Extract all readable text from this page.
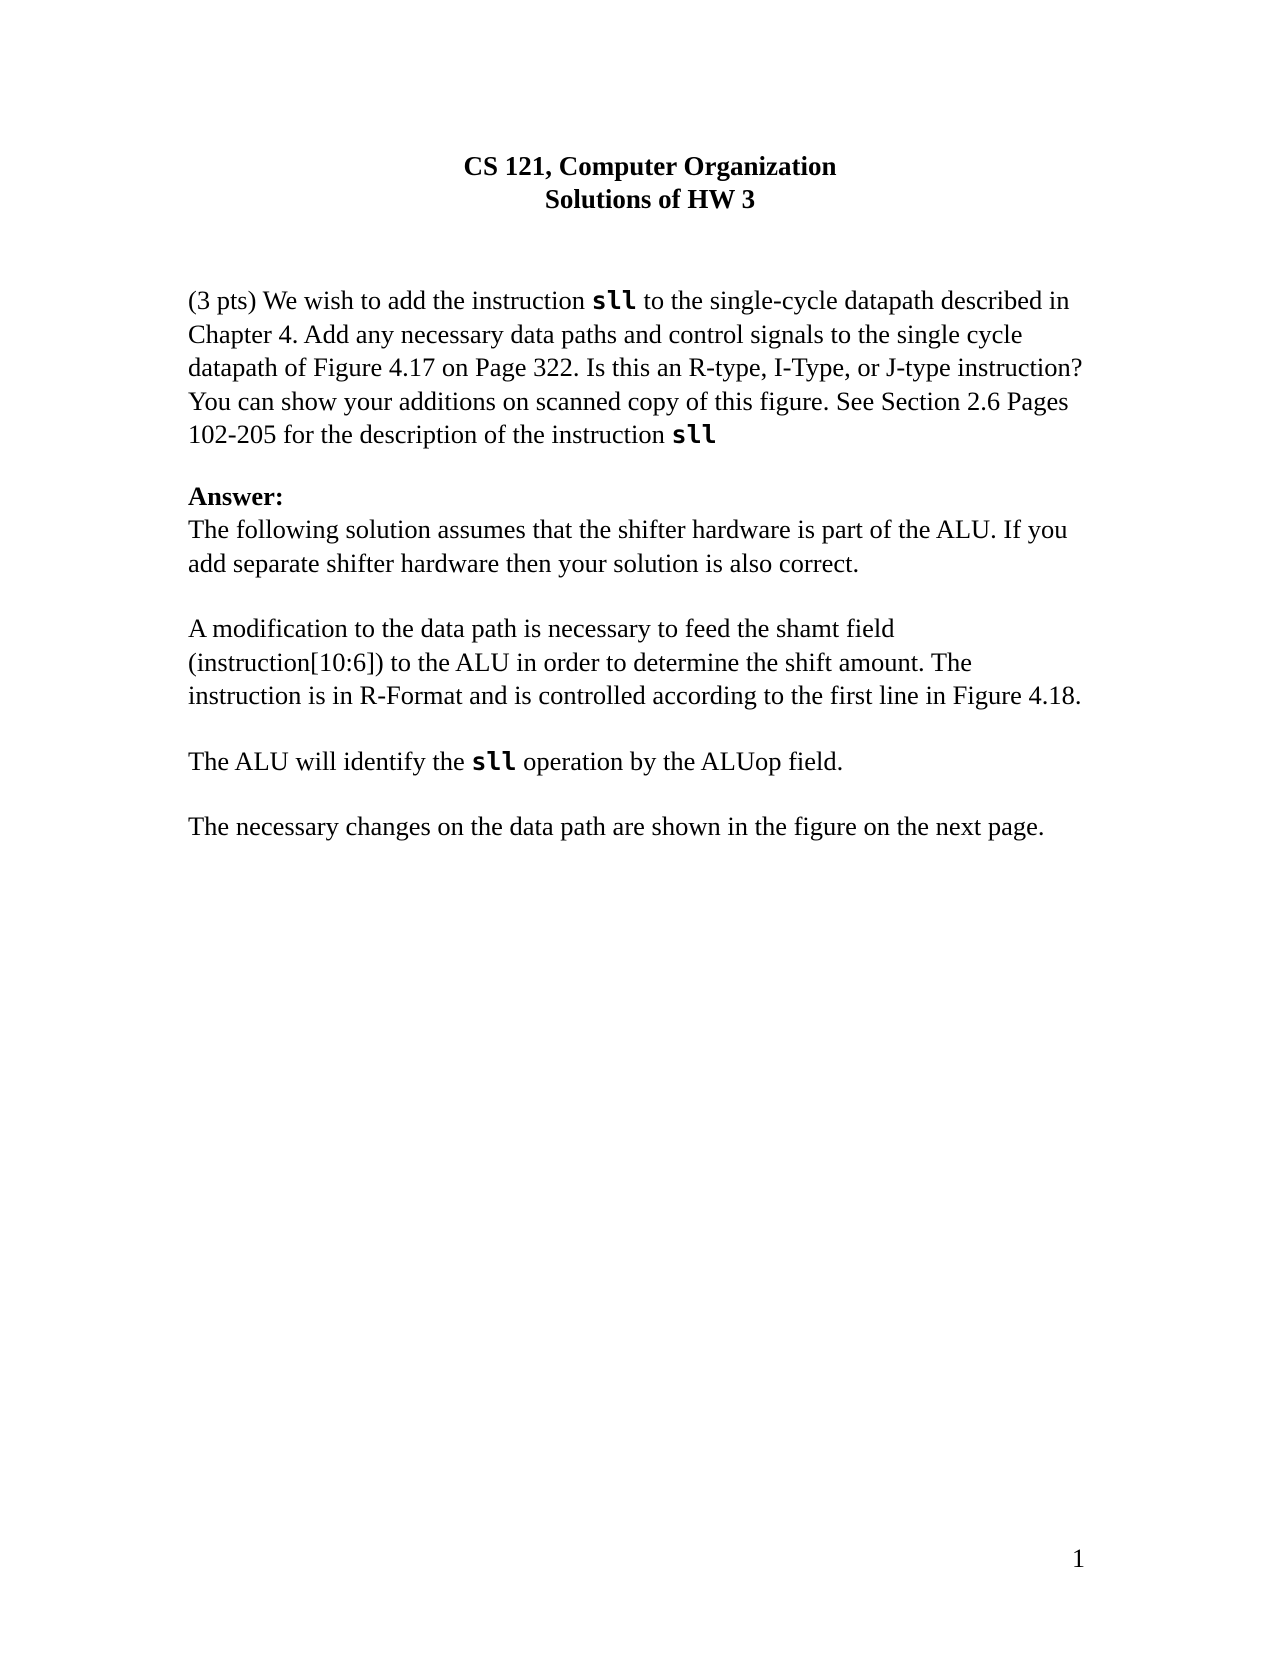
CS 121, Computer Organization
Solutions of HW 3

(3 pts) We wish to add the instruction sll to the single-cycle datapath described in Chapter 4. Add any necessary data paths and control signals to the single cycle datapath of Figure 4.17 on Page 322. Is this an R-type, I-Type, or J-type instruction? You can show your additions on scanned copy of this figure. See Section 2.6 Pages 102-205 for the description of the instruction sll

Answer:

The following solution assumes that the shifter hardware is part of the ALU. If you add separate shifter hardware then your solution is also correct.

A modification to the data path is necessary to feed the shamt field (instruction[10:6]) to the ALU in order to determine the shift amount. The instruction is in R-Format and is controlled according to the first line in Figure 4.18.

The ALU will identify the sll operation by the ALUop field.

The necessary changes on the data path are shown in the figure on the next page.

1
